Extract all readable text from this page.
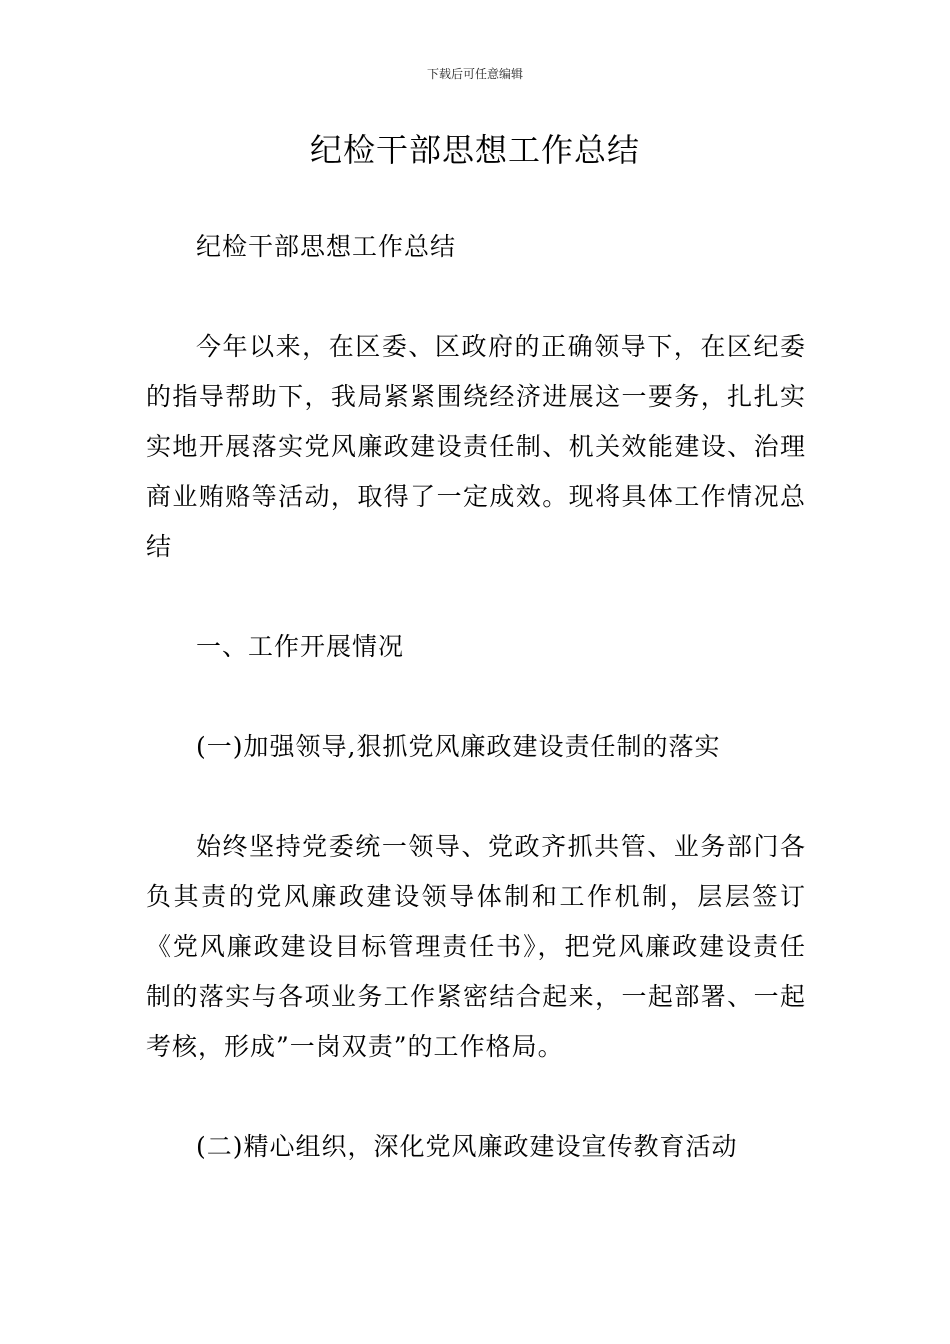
下载后可任意编辑
纪检干部思想工作总结

纪检干部思想工作总结

今年以来，在区委、区政府的正确领导下，在区纪委的指导帮助下，我局紧紧围绕经济进展这一要务，扎扎实实地开展落实党风廉政建设责任制、机关效能建设、治理商业贿赂等活动，取得了一定成效。现将具体工作情况总结

一、工作开展情况

(一)加强领导,狠抓党风廉政建设责任制的落实

始终坚持党委统一领导、党政齐抓共管、业务部门各负其责的党风廉政建设领导体制和工作机制，层层签订《党风廉政建设目标管理责任书》，把党风廉政建设责任制的落实与各项业务工作紧密结合起来，一起部署、一起考核，形成”一岗双责”的工作格局。

(二)精心组织，深化党风廉政建设宣传教育活动
